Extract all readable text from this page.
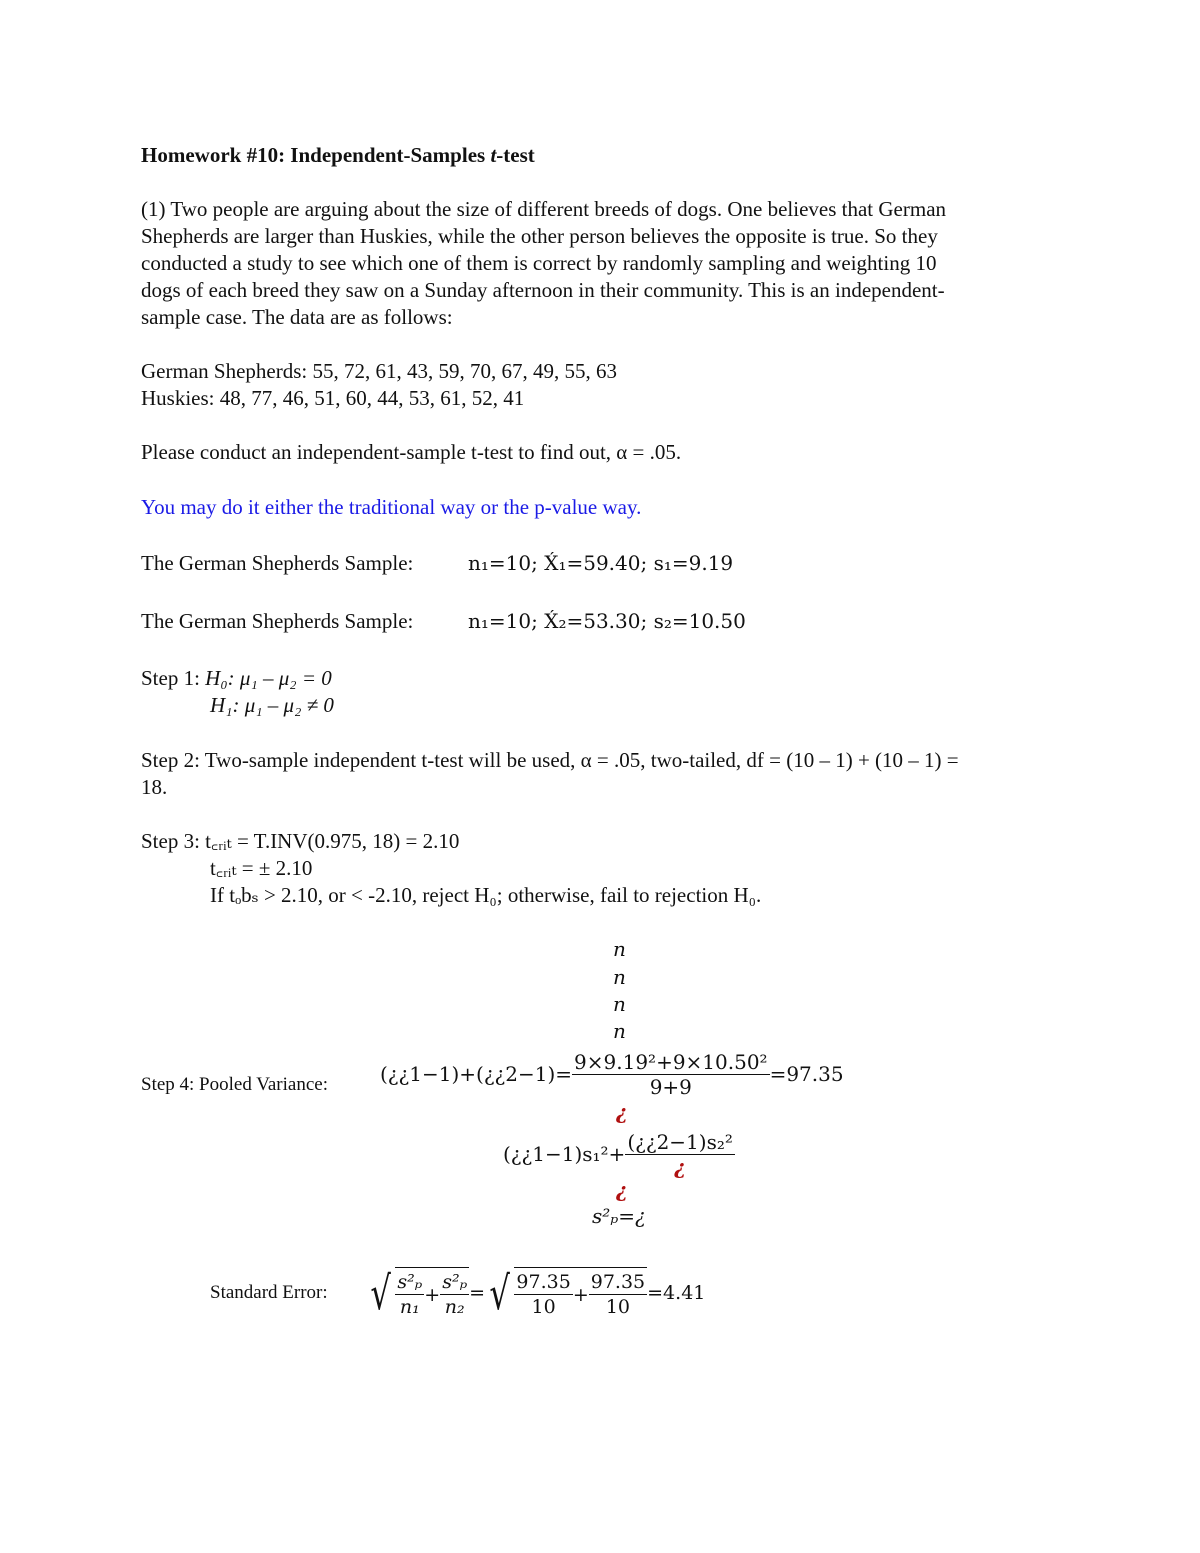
Homework #10: Independent-Samples t-test
(1) Two people are arguing about the size of different breeds of dogs. One believes that German
Shepherds are larger than Huskies, while the other person believes the opposite is true. So they
conducted a study to see which one of them is correct by randomly sampling and weighting 10
dogs of each breed they saw on a Sunday afternoon in their community. This is an independent-
sample case. The data are as follows:
German Shepherds: 55, 72, 61, 43, 59, 70, 67, 49, 55, 63
Huskies: 48, 77, 46, 51, 60, 44, 53, 61, 52, 41
Please conduct an independent-sample t-test to find out, α = .05.
You may do it either the traditional way or the p-value way.
The German Shepherds Sample:	n₁=10; X́₁=59.40; s₁=9.19
The German Shepherds Sample:	n₁=10; X́₂=53.30; s₂=10.50
Step 1: H₀: μ₁ – μ₂ = 0
H₁: μ₁ – μ₂ ≠ 0
Step 2: Two-sample independent t-test will be used, α = .05, two-tailed, df = (10 – 1) + (10 – 1) =
18.
Step 3: t꜀ᵣᵢₜ = T.INV(0.975, 18) = 2.10
t꜀ᵣᵢₜ = ± 2.10
If tₒbₛ > 2.10, or < -2.10, reject H₀; otherwise, fail to rejection H₀.
n
n
n
n
Step 4: Pooled Variance:	(¿¿1−1)+(¿¿2−1)= $\frac{\text{9×9.19²+9×10.50²}}{9+9} =97.35$
¿
(¿¿1−1)s₁²+ $\frac{\text{(¿¿2−1)s₂²}}{¿}$
¿
s²ₚ=¿
Standard Error: √ $\frac{\text{s²ₚ}}{\text{n₁}} + \frac{\text{s²ₚ}}{\text{n₂}}$ = √ $\frac{97.35}{10} + \frac{97.35}{10} =4.41$
